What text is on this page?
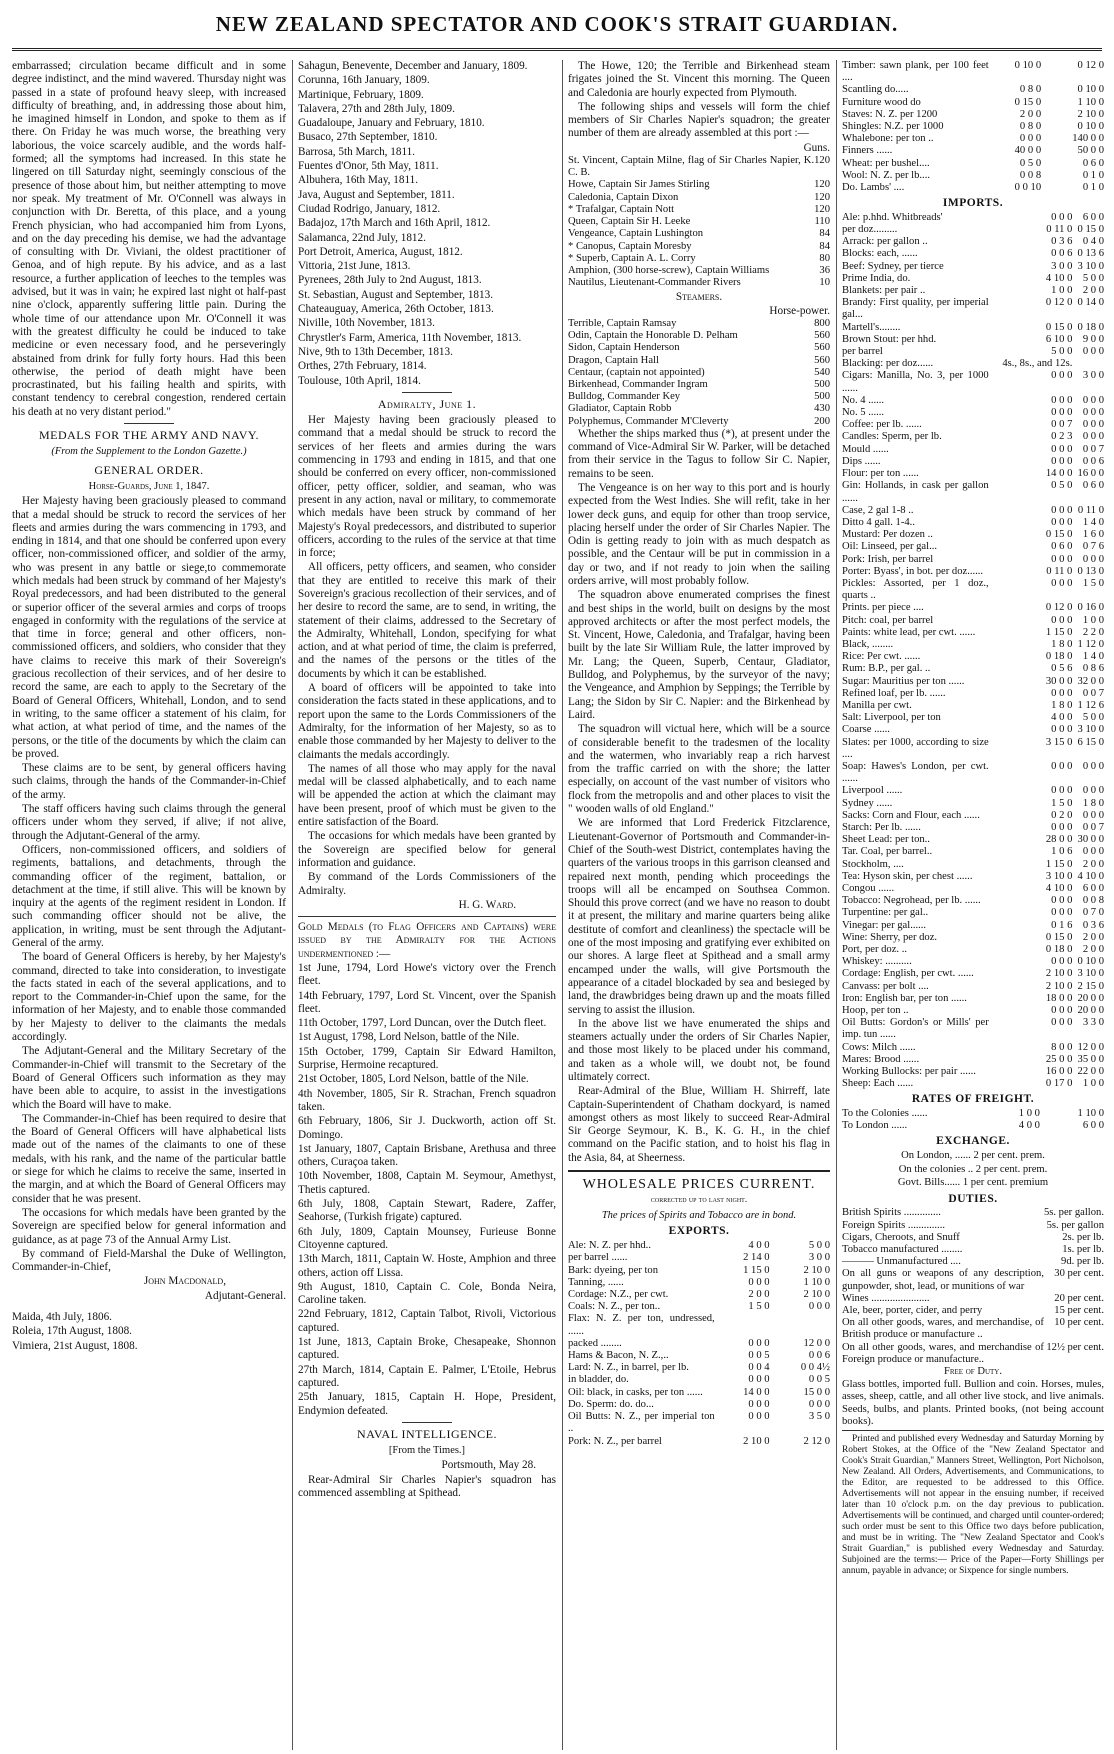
NEW ZEALAND SPECTATOR AND COOK'S STRAIT GUARDIAN.

embarrassed; circulation became difficult and in some degree indistinct, and the mind wavered. Thursday night was passed in a state of profound heavy sleep, with increased difficulty of breathing, and, in addressing those about him, he imagined himself in London, and spoke to them as if there. On Friday he was much worse, the breathing very laborious, the voice scarcely audible, and the words half-formed; all the symptoms had increased. In this state he lingered on till Saturday night, seemingly conscious of the presence of those about him, but neither attempting to move nor speak. My treatment of Mr. O'Connell was always in conjunction with Dr. Beretta, of this place, and a young French physician, who had accompanied him from Lyons, and on the day preceding his demise, we had the advantage of consulting with Dr. Viviani, the oldest practitioner of Genoa, and of high repute. By his advice, and as a last resource, a further application of leeches to the temples was advised, but it was in vain; he expired last night ot half-past nine o'clock, apparently suffering little pain. During the whole time of our attendance upon Mr. O'Connell it was with the greatest difficulty he could be induced to take medicine or even necessary food, and he perseveringly abstained from drink for fully forty hours. Had this been otherwise, the period of death might have been procrastinated, but his failing health and spirits, with constant tendency to cerebral congestion, rendered certain his death at no very distant period."

MEDALS FOR THE ARMY AND NAVY.
(From the Supplement to the London Gazette.)
GENERAL ORDER.
Horse-Guards, June 1, 1847.

Her Majesty having been graciously pleased to command that a medal should be struck to record the services of her fleets and armies during the wars commencing in 1793, and ending in 1814, and that one should be conferred upon every officer, non-commissioned officer, and soldier of the army, who was present in any battle or siege,to commemorate which medals had been struck by command of her Majesty's Royal predecessors, and had been distributed to the general or superior officer of the several armies and corps of troops engaged in conformity with the regulations of the service at that time in force; general and other officers, non-commissioned officers, and soldiers, who consider that they have claims to receive this mark of their Sovereign's gracious recollection of their services, and of her desire to record the same, are each to apply to the Secretary of the Board of General Officers, Whitehall, London, and to send in writing, to the same officer a statement of his claim, for what action, at what period of time, and the names of the persons, or the title of the documents by which the claim can be proved.

These claims are to be sent, by general officers having such claims, through the hands of the Commander-in-Chief of the army.

The staff officers having such claims through the general officers under whom they served, if alive; if not alive, through the Adjutant-General of the army.

Officers, non-commissioned officers, and soldiers of regiments, battalions, and detachments, through the commanding officer of the regiment, battalion, or detachment at the time, if still alive. This will be known by inquiry at the agents of the regiment resident in London. If such commanding officer should not be alive, the application, in writing, must be sent through the Adjutant-General of the army.

The board of General Officers is hereby, by her Majesty's command, directed to take into consideration, to investigate the facts stated in each of the several applications, and to report to the Commander-in-Chief upon the same, for the information of her Majesty, and to enable those commanded by her Majesty to deliver to the claimants the medals accordingly.

The Adjutant-General and the Military Secretary of the Commander-in-Chief will transmit to the Secretary of the Board of General Officers such information as they may have been able to acquire, to assist in the investigations which the Board will have to make.

The Commander-in-Chief has been required to desire that the Board of General Officers will have alphabetical lists made out of the names of the claimants to one of these medals, with his rank, and the name of the particular battle or siege for which he claims to receive the same, inserted in the margin, and at which the Board of General Officers may consider that he was present.

The occasions for which medals have been granted by the Sovereign are specified below for general information and guidance, as at page 73 of the Annual Army List.

By command of Field-Marshal the Duke of Wellington, Commander-in-Chief,

John Macdonald,

Adjutant-General.

Maida, 4th July, 1806.

Roleia, 17th August, 1808.

Vimiera, 21st August, 1808.

Sahagun, Benevente, December and January, 1809.

Corunna, 16th January, 1809.

Martinique, February, 1809.

Talavera, 27th and 28th July, 1809.

Guadaloupe, January and February, 1810.

Busaco, 27th September, 1810.

Barrosa, 5th March, 1811.

Fuentes d'Onor, 5th May, 1811.

Albuhera, 16th May, 1811.

Java, August and September, 1811.

Ciudad Rodrigo, January, 1812.

Badajoz, 17th March and 16th April, 1812.

Salamanca, 22nd July, 1812.

Port Detroit, America, August, 1812.

Vittoria, 21st June, 1813.

Pyrenees, 28th July to 2nd August, 1813.

St. Sebastian, August and September, 1813.

Chateauguay, America, 26th October, 1813.

Niville, 10th November, 1813.

Chrystler's Farm, America, 11th November, 1813.

Nive, 9th to 13th December, 1813.

Orthes, 27th February, 1814.

Toulouse, 10th April, 1814.

Admiralty, June 1.

Her Majesty having been graciously pleased to command that a medal should be struck to record the services of her fleets and armies during the wars commencing in 1793 and ending in 1815, and that one should be conferred on every officer, non-commissioned officer, petty officer, soldier, and seaman, who was present in any action, naval or military, to commemorate which medals have been struck by command of her Majesty's Royal predecessors, and distributed to superior officers, according to the rules of the service at that time in force;

All officers, petty officers, and seamen, who consider that they are entitled to receive this mark of their Sovereign's gracious recollection of their services, and of her desire to record the same, are to send, in writing, the statement of their claims, addressed to the Secretary of the Admiralty, Whitehall, London, specifying for what action, and at what period of time, the claim is preferred, and the names of the persons or the titles of the documents by which it can be established.

A board of officers will be appointed to take into consideration the facts stated in these applications, and to report upon the same to the Lords Commissioners of the Admiralty, for the information of her Majesty, so as to enable those commanded by her Majesty to deliver to the claimants the medals accordingly.

The names of all those who may apply for the naval medal will be classed alphabetically, and to each name will be appended the action at which the claimant may have been present, proof of which must be given to the entire satisfaction of the Board.

The occasions for which medals have been granted by the Sovereign are specified below for general information and guidance.

By command of the Lords Commissioners of the Admiralty.

H. G. Ward.

Gold Medals (to Flag Officers and Captains) were issued by the Admiralty for the Actions undermentioned :—

1st June, 1794, Lord Howe's victory over the French fleet.

14th February, 1797, Lord St. Vincent, over the Spanish fleet.

11th October, 1797, Lord Duncan, over the Dutch fleet.

1st August, 1798, Lord Nelson, battle of the Nile.

15th October, 1799, Captain Sir Edward Hamilton, Surprise, Hermoine recaptured.

21st October, 1805, Lord Nelson, battle of the Nile.

4th November, 1805, Sir R. Strachan, French squadron taken.

6th February, 1806, Sir J. Duckworth, action off St. Domingo.

1st January, 1807, Captain Brisbane, Arethusa and three others, Curaçoa taken.

10th November, 1808, Captain M. Seymour, Amethyst, Thetis captured.

6th July, 1808, Captain Stewart, Radere, Zaffer, Seahorse, (Turkish frigate) captured.

6th July, 1809, Captain Mounsey, Furieuse Bonne Citoyenne captured.

13th March, 1811, Captain W. Hoste, Amphion and three others, action off Lissa.

9th August, 1810, Captain C. Cole, Bonda Neira, Caroline taken.

22nd February, 1812, Captain Talbot, Rivoli, Victorious captured.

1st June, 1813, Captain Broke, Chesapeake, Shonnon captured.

27th March, 1814, Captain E. Palmer, L'Etoile, Hebrus captured.

25th January, 1815, Captain H. Hope, President, Endymion defeated.

NAVAL INTELLIGENCE.
[From the Times.]

Portsmouth, May 28.

Rear-Admiral Sir Charles Napier's squadron has commenced assembling at Spithead.

The Howe, 120; the Terrible and Birkenhead steam frigates joined the St. Vincent this morning. The Queen and Caledonia are hourly expected from Plymouth.

The following ships and vessels will form the chief members of Sir Charles Napier's squadron; the greater number of them are already assembled at this port :—

Guns.
St. Vincent, Captain Milne, flag of Sir Charles Napier, K. C. B.	120
Howe, Captain Sir James Stirling	120
Caledonia, Captain Dixon	120
* Trafalgar, Captain Nott	120
Queen, Captain Sir H. Leeke	110
Vengeance, Captain Lushington	84
* Canopus, Captain Moresby	84
* Superb, Captain A. L. Corry	80
Amphion, (300 horse-screw), Captain Williams	36
Nautilus, Lieutenant-Commander Rivers	10
Steamers.
Horse-power.
Terrible, Captain Ramsay	800
Odin, Captain the Honorable D. Pelham	560
Sidon, Captain Henderson	560
Dragon, Captain Hall	560
Centaur, (captain not appointed)	540
Birkenhead, Commander Ingram	500
Bulldog, Commander Key	500
Gladiator, Captain Robb	430
Polyphemus, Commander M'Cleverty	200

Whether the ships marked thus (*), at present under the command of Vice-Admiral Sir W. Parker, will be detached from their service in the Tagus to follow Sir C. Napier, remains to be seen.

The Vengeance is on her way to this port and is hourly expected from the West Indies. She will refit, take in her lower deck guns, and equip for other than troop service, placing herself under the order of Sir Charles Napier. The Odin is getting ready to join with as much despatch as possible, and the Centaur will be put in commission in a day or two, and if not ready to join when the sailing orders arrive, will most probably follow.

The squadron above enumerated comprises the finest and best ships in the world, built on designs by the most approved architects or after the most perfect models, the St. Vincent, Howe, Caledonia, and Trafalgar, having been built by the late Sir William Rule, the latter improved by Mr. Lang; the Queen, Superb, Centaur, Gladiator, Bulldog, and Polyphemus, by the surveyor of the navy; the Vengeance, and Amphion by Seppings; the Terrible by Lang; the Sidon by Sir C. Napier: and the Birkenhead by Laird.

The squadron will victual here, which will be a source of considerable benefit to the tradesmen of the locality and the watermen, who invariably reap a rich harvest from the traffic carried on with the shore; the latter especially, on account of the vast number of visitors who flock from the metropolis and and other places to visit the " wooden walls of old England."

We are informed that Lord Frederick Fitzclarence, Lieutenant-Governor of Portsmouth and Commander-in-Chief of the South-west District, contemplates having the quarters of the various troops in this garrison cleansed and repaired next month, pending which proceedings the troops will all be encamped on Southsea Common. Should this prove correct (and we have no reason to doubt it at present, the military and marine quarters being alike destitute of comfort and cleanliness) the spectacle will be one of the most imposing and gratifying ever exhibited on our shores. A large fleet at Spithead and a small army encamped under the walls, will give Portsmouth the appearance of a citadel blockaded by sea and besieged by land, the drawbridges being drawn up and the moats filled serving to assist the illusion.

In the above list we have enumerated the ships and steamers actually under the orders of Sir Charles Napier, and those most likely to be placed under his command, and taken as a whole will, we doubt not, be found ultimately correct.

Rear-Admiral of the Blue, William H. Shirreff, late Captain-Superintendent of Chatham dockyard, is named amongst others as most likely to succeed Rear-Admiral Sir George Seymour, K. B., K. G. H., in the chief command on the Pacific station, and to hoist his flag in the Asia, 84, at Sheerness.

WHOLESALE PRICES CURRENT.
corrected up to last night.
The prices of Spirits and Tobacco are in bond.
EXPORTS.
Ale: N. Z. per hhd..	4 0 0	5 0 0
per barrel ......	2 14 0	3 0 0
Bark: dyeing, per ton	1 15 0	2 10 0
Tanning, ......	0 0 0	1 10 0
Cordage: N.Z., per cwt.	2 0 0	2 10 0
Coals: N. Z., per ton..	1 5 0	0 0 0
Flax: N. Z. per ton, undressed, ......		
packed ........	0 0 0	12 0 0
Hams & Bacon, N. Z.,..	0 0 5	0 0 6
Lard: N. Z., in barrel, per lb.	0 0 4	0 0 4½
in bladder, do.	0 0 0	0 0 5
Oil: black, in casks, per ton ......	14 0 0	15 0 0
Do. Sperm: do. do...	0 0 0	0 0 0
Oil Butts: N. Z., per imperial ton ..	0 0 0	3 5 0
Pork: N. Z., per barrel	2 10 0	2 12 0
Timber: sawn plank, per 100 feet ....	0 10 0	0 12 0
Scantling do.....	0 8 0	0 10 0
Furniture wood do	0 15 0	1 10 0
Staves: N. Z. per 1200	2 0 0	2 10 0
Shingles: N.Z. per 1000	0 8 0	0 10 0
Whalebone: per ton ..	0 0 0	140 0 0
Finners ......	40 0 0	50 0 0
Wheat: per bushel....	0 5 0	0 6 0
Wool: N. Z. per lb....	0 0 8	0 1 0
Do. Lambs' ....	0 0 10	0 1 0
IMPORTS.
Ale: p.hhd. Whitbreads'	0 0 0	6 0 0
per doz.........	0 11 0	0 15 0
Arrack: per gallon ..	0 3 6	0 4 0
Blocks: each, ......	0 0 6	0 13 6
Beef: Sydney, per tierce	3 0 0	3 10 0
Prime India, do.	4 10 0	5 0 0
Blankets: per pair ..	1 0 0	2 0 0
Brandy: First quality, per imperial gal...	0 12 0	0 14 0
Martell's........	0 15 0	0 18 0
Brown Stout: per hhd.	6 10 0	9 0 0
per barrel	5 0 0	0 0 0
Blacking: per doz......	4s., 8s., and 12s.	
Cigars: Manilla, No. 3, per 1000 ......	0 0 0	3 0 0
No. 4 ......	0 0 0	0 0 0
No. 5 ......	0 0 0	0 0 0
Coffee: per lb. ......	0 0 7	0 0 0
Candles: Sperm, per lb.	0 2 3	0 0 0
Mould ......	0 0 0	0 0 7
Dips ......	0 0 0	0 0 6
Flour: per ton ......	14 0 0	16 0 0
Gin: Hollands, in cask per gallon ......	0 5 0	0 6 0
Case, 2 gal 1-8 ..	0 0 0	0 11 0
Ditto 4 gall. 1-4..	0 0 0	1 4 0
Mustard: Per dozen ..	0 15 0	1 6 0
Oil: Linseed, per gal...	0 6 0	0 7 6
Pork: Irish, per barrel	0 0 0	0 0 0
Porter: Byass', in bot. per doz......	0 11 0	0 13 0
Pickles: Assorted, per 1 doz., quarts ..	0 0 0	1 5 0
Prints. per piece ....	0 12 0	0 16 0
Pitch: coal, per barrel	0 0 0	1 0 0
Paints: white lead, per cwt. ......	1 15 0	2 2 0
Black, ........	1 8 0	1 12 0
Rice: Per cwt. ......	0 18 0	1 4 0
Rum: B.P., per gal. ..	0 5 6	0 8 6
Sugar: Mauritius per ton ......	30 0 0	32 0 0
Refined loaf, per lb. ......	0 0 0	0 0 7
Manilla per cwt.	1 8 0	1 12 6
Salt: Liverpool, per ton	4 0 0	5 0 0
Coarse ......	0 0 0	3 10 0
Slates: per 1000, according to size ....	3 15 0	6 15 0
Soap: Hawes's London, per cwt. ......	0 0 0	0 0 0
Liverpool ......	0 0 0	0 0 0
Sydney ......	1 5 0	1 8 0
Sacks: Corn and Flour, each ......	0 2 0	0 0 0
Starch: Per lb. ......	0 0 0	0 0 7
Sheet Lead: per ton..	28 0 0	30 0 0
Tar. Coal, per barrel..	1 0 6	0 0 0
Stockholm, ....	1 15 0	2 0 0
Tea: Hyson skin, per chest ......	3 10 0	4 10 0
Congou ......	4 10 0	6 0 0
Tobacco: Negrohead, per lb. ......	0 0 0	0 0 8
Turpentine: per gal..	0 0 0	0 7 0
Vinegar: per gal......	0 1 6	0 3 6
Wine: Sherry, per doz.	0 15 0	2 0 0
Port, per doz. ..	0 18 0	2 0 0
Whiskey: ..........	0 0 0	0 10 0
Cordage: English, per cwt. ......	2 10 0	3 10 0
Canvass: per bolt ....	2 10 0	2 15 0
Iron: English bar, per ton ......	18 0 0	20 0 0
Hoop, per ton ..	0 0 0	20 0 0
Oil Butts: Gordon's or Mills' per imp. tun ......	0 0 0	3 3 0
Cows: Milch ......	8 0 0	12 0 0
Mares: Brood ......	25 0 0	35 0 0
Working Bullocks: per pair ......	16 0 0	22 0 0
Sheep: Each ......	0 17 0	1 0 0
RATES OF FREIGHT.
To the Colonies ......	1 0 0	1 10 0
To London ......	4 0 0	6 0 0
EXCHANGE.

On London, ...... 2 per cent. prem.

On the colonies .. 2 per cent. prem.

Govt. Bills...... 1 per cent. premium

DUTIES.
British Spirits ..............	5s. per gallon.
Foreign Spirits ..............	5s. per gallon
Cigars, Cheroots, and Snuff	2s. per lb.
Tobacco manufactured ........	1s. per lb.
——— Unmanufactured ....	9d. per lb.
On all guns or weapons of any description, gunpowder, shot, lead, or munitions of war	30 per cent.
Wines ......................	20 per cent.
Ale, beer, porter, cider, and perry	15 per cent.
On all other goods, wares, and merchandise, of British produce or manufacture ..	10 per cent.
On all other goods, wares, and merchandise of Foreign produce or manufacture..	12½ per cent.
Free of Duty.

Glass bottles, imported full. Bullion and coin. Horses, mules, asses, sheep, cattle, and all other live stock, and live animals. Seeds, bulbs, and plants. Printed books, (not being account books).

Printed and published every Wednesday and Saturday Morning by Robert Stokes, at the Office of the "New Zealand Spectator and Cook's Strait Guardian," Manners Street, Wellington, Port Nicholson, New Zealand. All Orders, Advertisements, and Communications, to the Editor, are requested to be addressed to this Office. Advertisements will not appear in the ensuing number, if received later than 10 o'clock p.m. on the day previous to publication. Advertisements will be continued, and charged until counter-ordered; such order must be sent to this Office two days before publication, and must be in writing. The "New Zealand Spectator and Cook's Strait Guardian," is published every Wednesday and Saturday. Subjoined are the terms:— Price of the Paper—Forty Shillings per annum, payable in advance; or Sixpence for single numbers.
